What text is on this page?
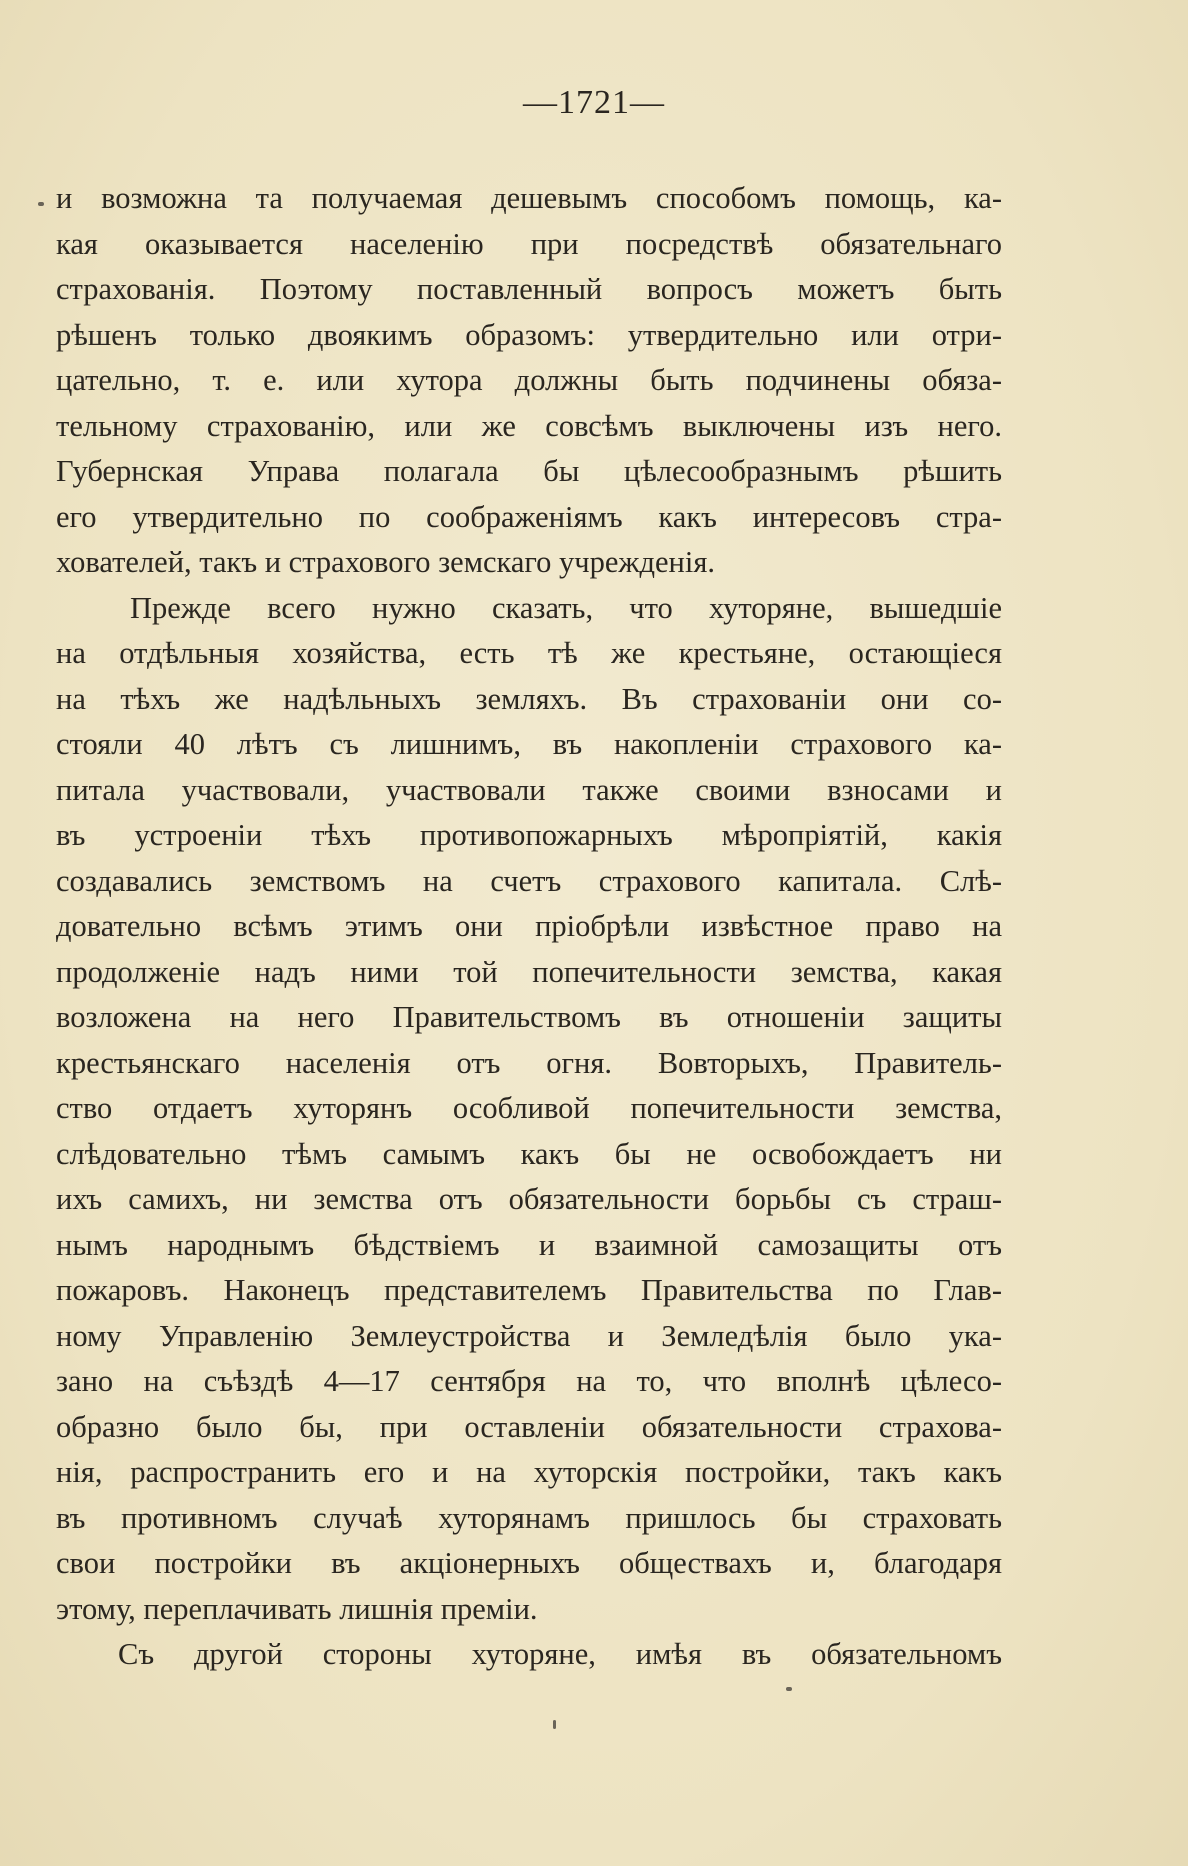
—1721—
и возможна та получаемая дешевымъ способомъ помощь, ка-
кая оказывается населенію при посредствѣ обязательнаго
страхованія. Поэтому поставленный вопросъ можетъ быть
рѣшенъ только двоякимъ образомъ: утвердительно или отри-
цательно, т. е. или хутора должны быть подчинены обяза-
тельному страхованію, или же совсѣмъ выключены изъ него.
Губернская Управа полагала бы цѣлесообразнымъ рѣшить
его утвердительно по соображеніямъ какъ интересовъ стра-
хователей, такъ и страхового земскаго учрежденія.
Прежде всего нужно сказать, что хуторяне, вышедшіе
на отдѣльныя хозяйства, есть тѣ же крестьяне, остающіеся
на тѣхъ же надѣльныхъ земляхъ. Въ страхованіи они со-
стояли 40 лѣтъ съ лишнимъ, въ накопленіи страхового ка-
питала участвовали, участвовали также своими взносами и
въ устроеніи тѣхъ противопожарныхъ мѣропріятій, какія
создавались земствомъ на счетъ страхового капитала. Слѣ-
довательно всѣмъ этимъ они пріобрѣли извѣстное право на
продолженіе надъ ними той попечительности земства, какая
возложена на него Правительствомъ въ отношеніи защиты
крестьянскаго населенія отъ огня. Вовторыхъ, Правитель-
ство отдаетъ хуторянъ особливой попечительности земства,
слѣдовательно тѣмъ самымъ какъ бы не освобождаетъ ни
ихъ самихъ, ни земства отъ обязательности борьбы съ страш-
нымъ народнымъ бѣдствіемъ и взаимной самозащиты отъ
пожаровъ. Наконецъ представителемъ Правительства по Глав-
ному Управленію Землеустройства и Земледѣлія было ука-
зано на съѣздѣ 4—17 сентября на то, что вполнѣ цѣлесо-
образно было бы, при оставленіи обязательности страхова-
нія, распространить его и на хуторскія постройки, такъ какъ
въ противномъ случаѣ хуторянамъ пришлось бы страховать
свои постройки въ акціонерныхъ обществахъ и, благодаря
этому, переплачивать лишнія преміи.
Съ другой стороны хуторяне, имѣя въ обязательномъ
